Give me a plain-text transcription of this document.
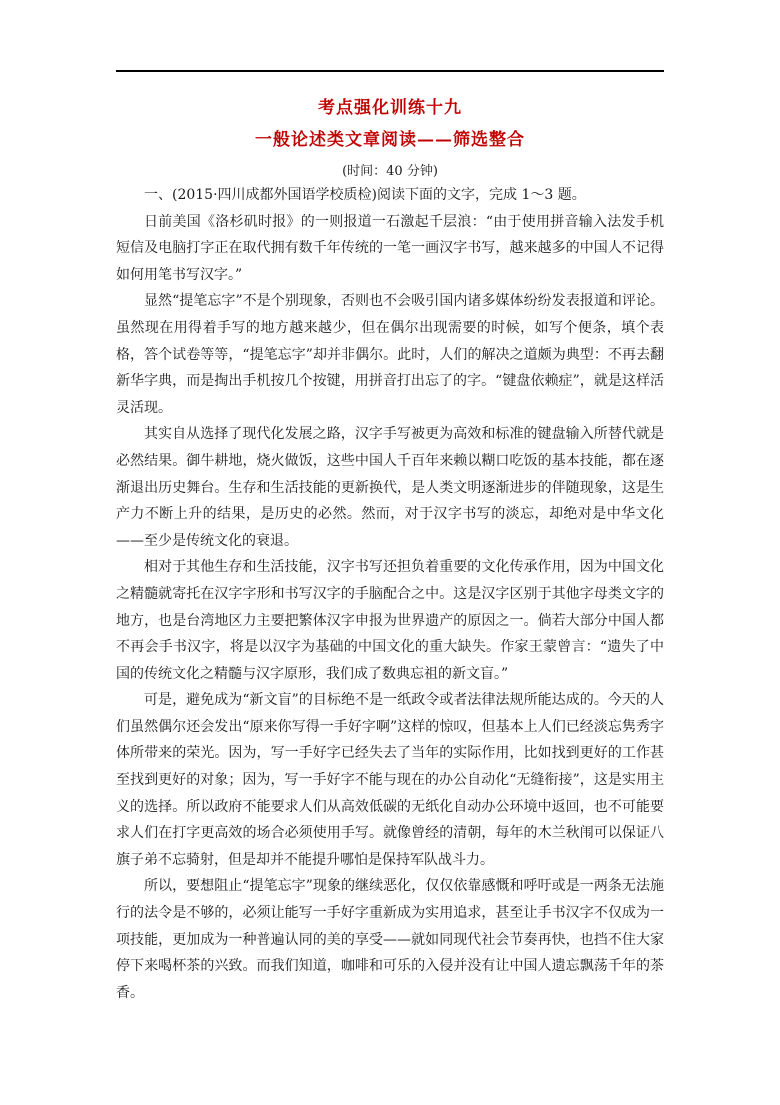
考点强化训练十九
一般论述类文章阅读——筛选整合
(时间：40 分钟)

一、(2015·四川成都外国语学校质检)阅读下面的文字，完成 1～3 题。

日前美国《洛杉矶时报》的一则报道一石激起千层浪：“由于使用拼音输入法发手机短信及电脑打字正在取代拥有数千年传统的一笔一画汉字书写，越来越多的中国人不记得如何用笔书写汉字。”

显然“提笔忘字”不是个别现象，否则也不会吸引国内诸多媒体纷纷发表报道和评论。虽然现在用得着手写的地方越来越少，但在偶尔出现需要的时候，如写个便条，填个表格，答个试卷等等，“提笔忘字”却并非偶尔。此时，人们的解决之道颇为典型：不再去翻新华字典，而是掏出手机按几个按键，用拼音打出忘了的字。“键盘依赖症”，就是这样活灵活现。

其实自从选择了现代化发展之路，汉字手写被更为高效和标准的键盘输入所替代就是必然结果。御牛耕地，烧火做饭，这些中国人千百年来赖以糊口吃饭的基本技能，都在逐渐退出历史舞台。生存和生活技能的更新换代，是人类文明逐渐进步的伴随现象，这是生产力不断上升的结果，是历史的必然。然而，对于汉字书写的淡忘，却绝对是中华文化——至少是传统文化的衰退。

相对于其他生存和生活技能，汉字书写还担负着重要的文化传承作用，因为中国文化之精髓就寄托在汉字字形和书写汉字的手脑配合之中。这是汉字区别于其他字母类文字的地方，也是台湾地区力主要把繁体汉字申报为世界遗产的原因之一。倘若大部分中国人都不再会手书汉字，将是以汉字为基础的中国文化的重大缺失。作家王蒙曾言：“遗失了中国的传统文化之精髓与汉字原形，我们成了数典忘祖的新文盲。”

可是，避免成为“新文盲”的目标绝不是一纸政令或者法律法规所能达成的。今天的人们虽然偶尔还会发出“原来你写得一手好字啊”这样的惊叹，但基本上人们已经淡忘隽秀字体所带来的荣光。因为，写一手好字已经失去了当年的实际作用，比如找到更好的工作甚至找到更好的对象；因为，写一手好字不能与现在的办公自动化“无缝衔接”，这是实用主义的选择。所以政府不能要求人们从高效低碳的无纸化自动办公环境中返回，也不可能要求人们在打字更高效的场合必须使用手写。就像曾经的清朝，每年的木兰秋闱可以保证八旗子弟不忘骑射，但是却并不能提升哪怕是保持军队战斗力。

所以，要想阻止“提笔忘字”现象的继续恶化，仅仅依靠感慨和呼吁或是一两条无法施行的法令是不够的，必须让能写一手好字重新成为实用追求，甚至让手书汉字不仅成为一项技能，更加成为一种普遍认同的美的享受——就如同现代社会节奏再快，也挡不住大家停下来喝杯茶的兴致。而我们知道，咖啡和可乐的入侵并没有让中国人遗忘飘荡千年的茶香。
